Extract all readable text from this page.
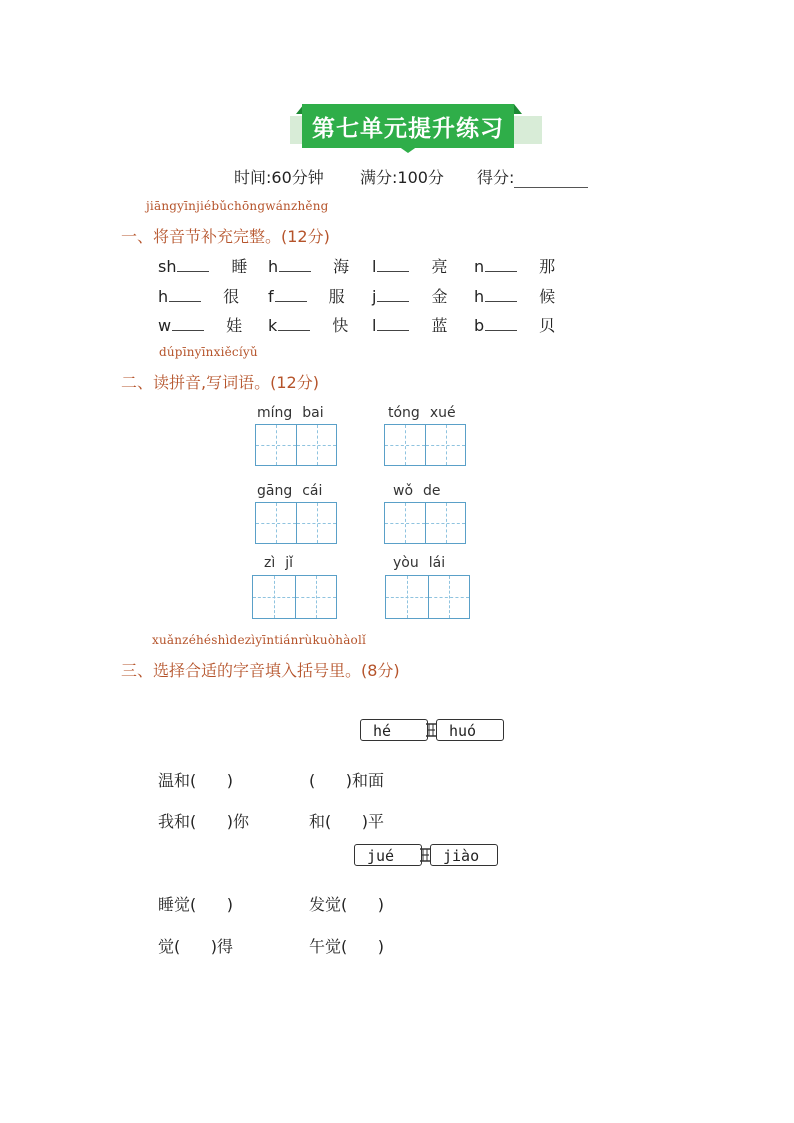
第七单元提升练习
时间:60分钟 满分:100分 得分:
jiāngyīnjiébǔchōngwánzhěng
一、将音节补充完整。(12分)
sh	睡 h	海 l	亮 n	那
h	很 f	服 j	金 h	候
w	娃 k	快 l	蓝 b	贝
dúpīnyīnxiěcíyǔ
二、读拼音,写词语。(12分)
míng bai	tóng xué
gāng cái	wǒ de
zì jǐ	yòu lái
xuǎnzéhéshìdezìyīntiánrùkuòhàolǐ
三、选择合适的字音填入括号里。(8分)
hé	huó
温和(      )	(      )和面
我和(      )你	和(      )平
jué	jiào
睡觉(      )	发觉(      )
觉(      )得	午觉(      )
